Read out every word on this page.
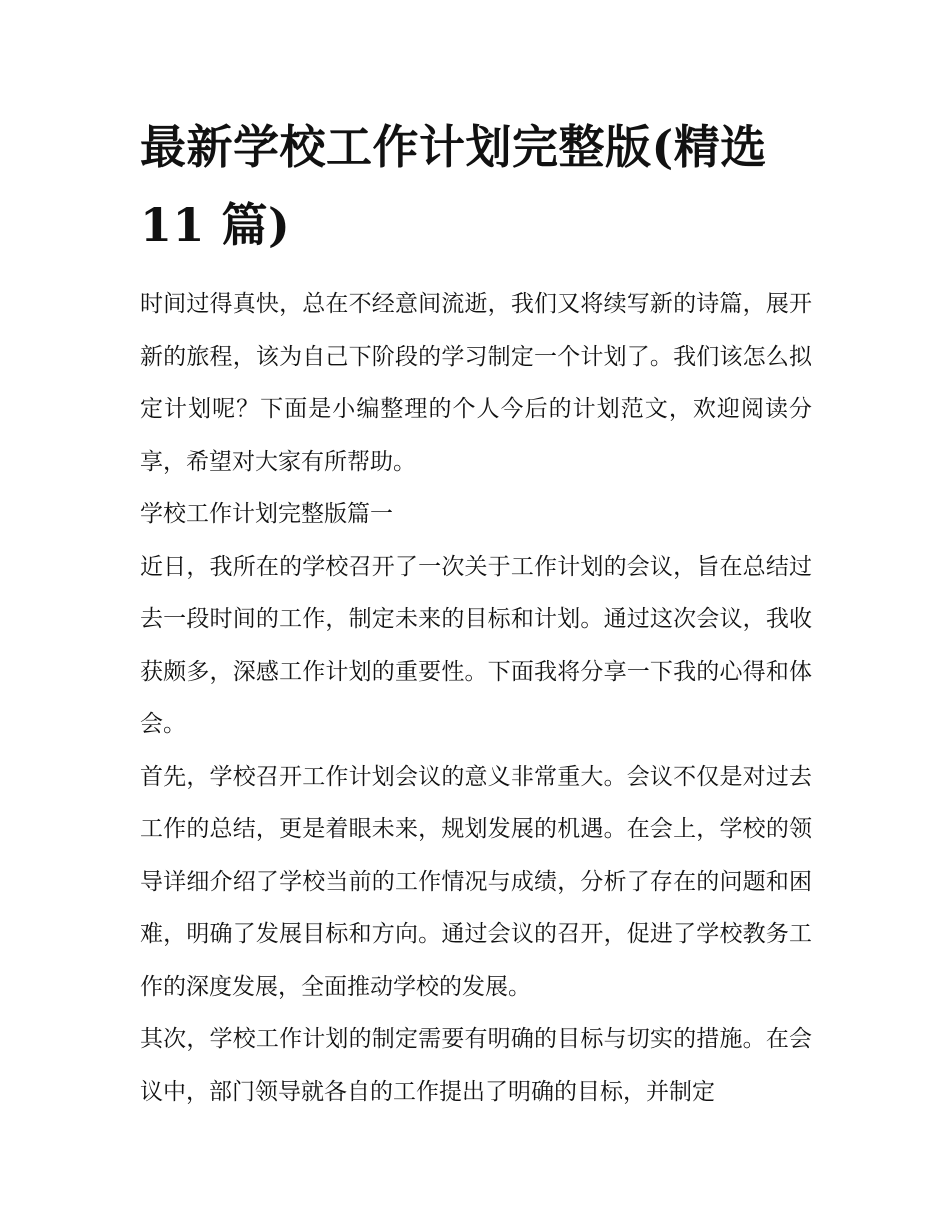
最新学校工作计划完整版(精选 11 篇)

时间过得真快，总在不经意间流逝，我们又将续写新的诗篇，展开新的旅程，该为自己下阶段的学习制定一个计划了。我们该怎么拟定计划呢？下面是小编整理的个人今后的计划范文，欢迎阅读分享，希望对大家有所帮助。

学校工作计划完整版篇一

近日，我所在的学校召开了一次关于工作计划的会议，旨在总结过去一段时间的工作，制定未来的目标和计划。通过这次会议，我收获颇多，深感工作计划的重要性。下面我将分享一下我的心得和体会。

首先，学校召开工作计划会议的意义非常重大。会议不仅是对过去工作的总结，更是着眼未来，规划发展的机遇。在会上，学校的领导详细介绍了学校当前的工作情况与成绩，分析了存在的问题和困难，明确了发展目标和方向。通过会议的召开，促进了学校教务工作的深度发展，全面推动学校的发展。

其次，学校工作计划的制定需要有明确的目标与切实的措施。在会议中，部门领导就各自的工作提出了明确的目标，并制定
